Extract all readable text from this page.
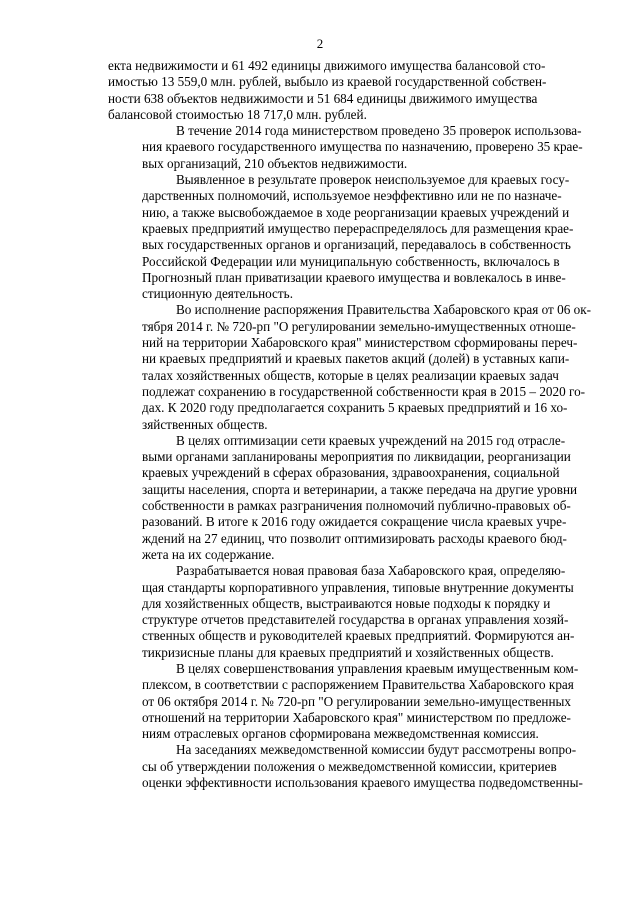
2

екта недвижимости и 61 492 единицы движимого имущества балансовой сто-
имостью 13 559,0 млн. рублей, выбыло из краевой государственной собствен-
ности 638 объектов недвижимости и 51 684 единицы движимого имущества
балансовой стоимостью 18 717,0 млн. рублей.

В течение 2014 года министерством проведено 35 проверок использова-
ния краевого государственного имущества по назначению, проверено 35 крае-
вых организаций, 210 объектов недвижимости.

Выявленное в результате проверок неиспользуемое для краевых госу-
дарственных полномочий, используемое неэффективно или не по назначе-
нию, а также высвобождаемое в ходе реорганизации краевых учреждений и
краевых предприятий имущество перераспределялось для размещения крае-
вых государственных органов и организаций, передавалось в собственность
Российской Федерации или муниципальную собственность, включалось в
Прогнозный план приватизации краевого имущества и вовлекалось в инве-
стиционную деятельность.

Во исполнение распоряжения Правительства Хабаровского края от 06 ок-
тября 2014 г. № 720-рп "О регулировании земельно-имущественных отноше-
ний на территории Хабаровского края" министерством сформированы переч-
ни краевых предприятий и краевых пакетов акций (долей) в уставных капи-
талах хозяйственных обществ, которые в целях реализации краевых задач
подлежат сохранению в государственной собственности края в 2015 – 2020 го-
дах. К 2020 году предполагается сохранить 5 краевых предприятий и 16 хо-
зяйственных обществ.

В целях оптимизации сети краевых учреждений на 2015 год отрасле-
выми органами запланированы мероприятия по ликвидации, реорганизации
краевых учреждений в сферах образования, здравоохранения, социальной
защиты населения, спорта и ветеринарии, а также передача на другие уровни
собственности в рамках разграничения полномочий публично-правовых об-
разований. В итоге к 2016 году ожидается сокращение числа краевых учре-
ждений на 27 единиц, что позволит оптимизировать расходы краевого бюд-
жета на их содержание.

Разрабатывается новая правовая база Хабаровского края, определяю-
щая стандарты корпоративного управления, типовые внутренние документы
для хозяйственных обществ, выстраиваются новые подходы к порядку и
структуре отчетов представителей государства в органах управления хозяй-
ственных обществ и руководителей краевых предприятий. Формируются ан-
тикризисные планы для краевых предприятий и хозяйственных обществ.

В целях совершенствования управления краевым имущественным ком-
плексом, в соответствии с распоряжением Правительства Хабаровского края
от 06 октября 2014 г. № 720-рп "О регулировании земельно-имущественных
отношений на территории Хабаровского края" министерством по предложе-
ниям отраслевых органов сформирована межведомственная комиссия.

На заседаниях межведомственной комиссии будут рассмотрены вопро-
сы об утверждении положения о межведомственной комиссии, критериев
оценки эффективности использования краевого имущества подведомственны-
